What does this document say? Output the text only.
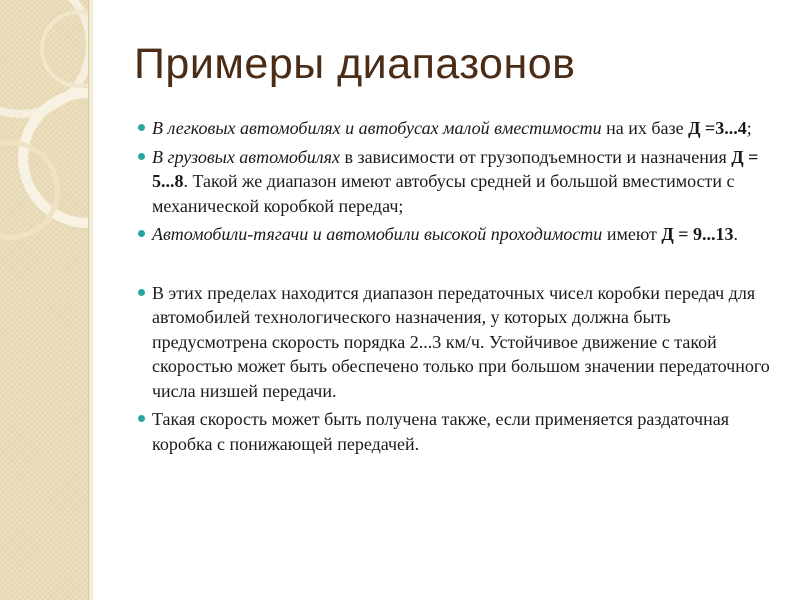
Примеры диапазонов
В легковых автомобилях и автобусах малой вместимости на их базе Д =3...4;
В грузовых автомобилях в зависимости от грузоподъемности и назначения Д = 5...8. Такой же диапазон имеют автобусы средней и большой вместимости с механической коробкой передач;
Автомобили-тягачи и автомобили высокой проходимости имеют Д = 9...13.
В этих пределах находится диапазон передаточных чисел коробки передач для автомобилей технологического назначения, у которых должна быть предусмотрена скорость порядка 2...3 км/ч. Устойчивое движение с такой скоростью может быть обеспечено только при большом значении передаточного числа низшей передачи.
Такая скорость может быть получена также, если применяется раздаточная коробка с понижающей передачей.
